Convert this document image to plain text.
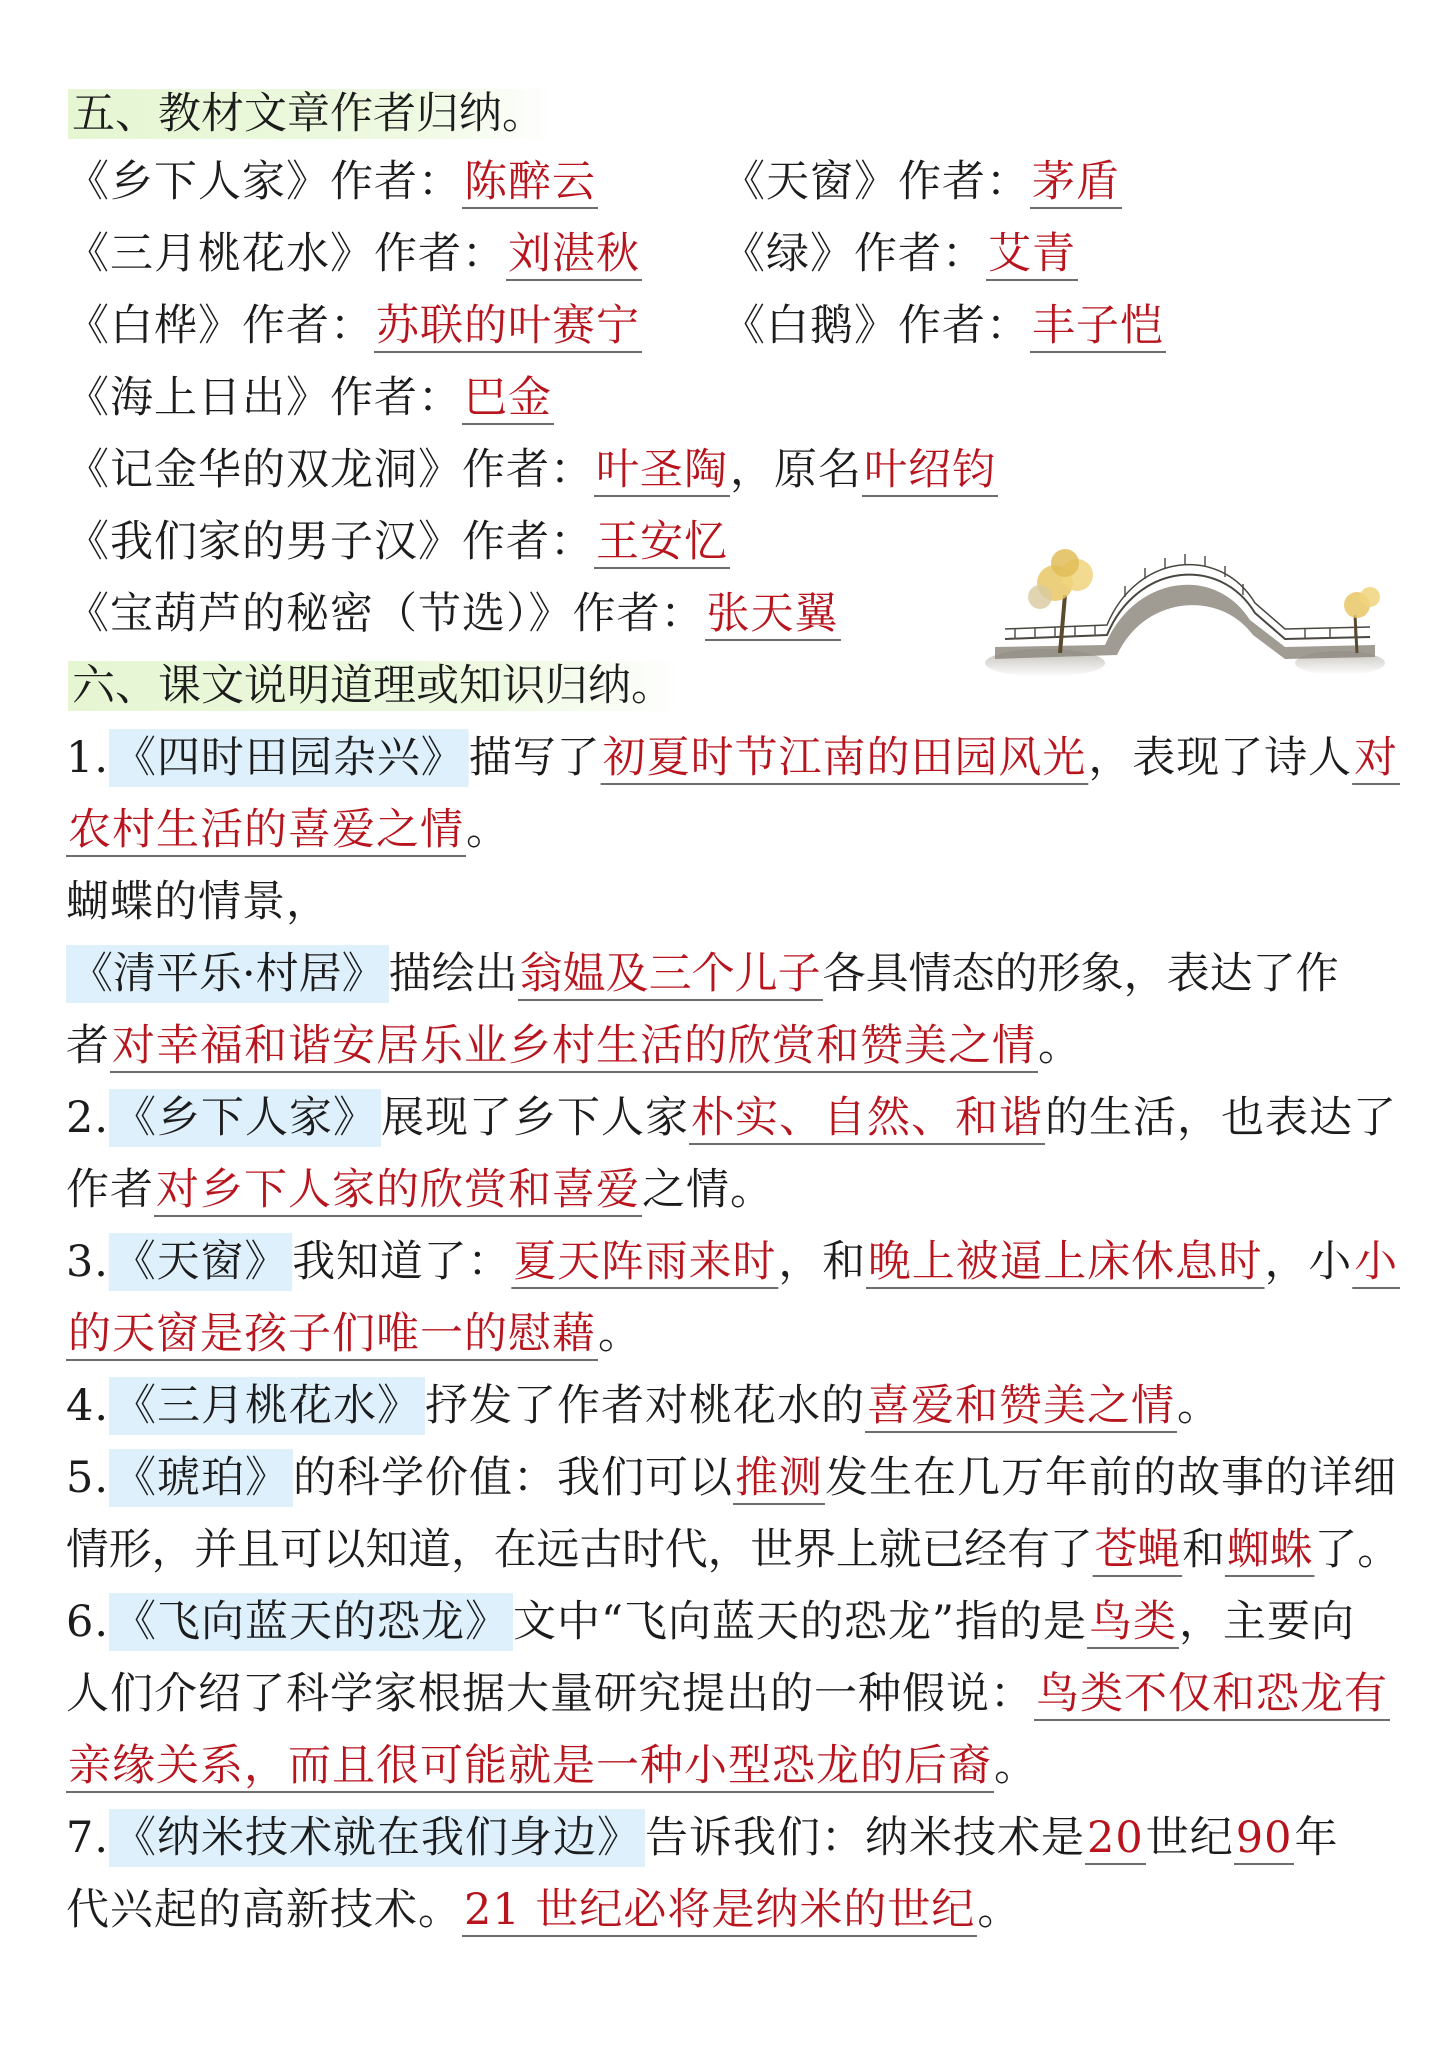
五、教材文章作者归纳。
《乡下人家》作者：陈醉云	《天窗》作者：茅盾
《三月桃花水》作者：刘湛秋 《绿》作者：艾青
《白桦》作者：苏联的叶赛宁 《白鹅》作者：丰子恺
《海上日出》作者：巴金
《记金华的双龙洞》作者：叶圣陶，原名叶绍钧
《我们家的男子汉》作者：王安忆
《宝葫芦的秘密（节选）》作者：张天翼
六、课文说明道理或知识归纳。
1.《四时田园杂兴》描写了初夏时节江南的田园风光，表现了诗人对
农村生活的喜爱之情。
蝴蝶的情景，
《清平乐·村居》描绘出翁媪及三个儿子各具情态的形象，表达了作
者对幸福和谐安居乐业乡村生活的欣赏和赞美之情。
2.《乡下人家》展现了乡下人家朴实、自然、和谐的生活，也表达了
作者对乡下人家的欣赏和喜爱之情。
3.《天窗》我知道了：夏天阵雨来时，和晚上被逼上床休息时，小小
的天窗是孩子们唯一的慰藉。
4.《三月桃花水》抒发了作者对桃花水的喜爱和赞美之情。
5.《琥珀》的科学价值：我们可以推测发生在几万年前的故事的详细
情形，并且可以知道，在远古时代，世界上就已经有了苍蝇和蜘蛛了。
6.《飞向蓝天的恐龙》文中“飞向蓝天的恐龙”指的是鸟类，主要向
人们介绍了科学家根据大量研究提出的一种假说：鸟类不仅和恐龙有
亲缘关系，而且很可能就是一种小型恐龙的后裔。
7.《纳米技术就在我们身边》告诉我们：纳米技术是20世纪90年
代兴起的高新技术。21 世纪必将是纳米的世纪。
